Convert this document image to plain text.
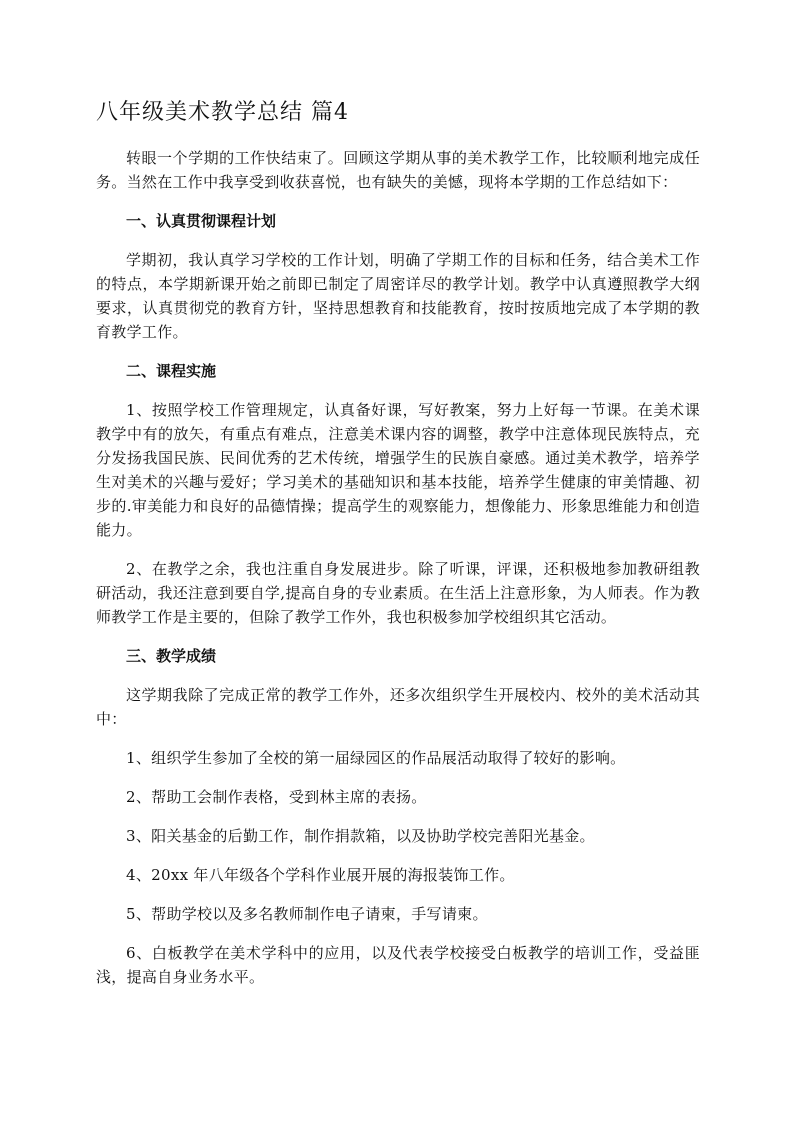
八年级美术教学总结 篇4

转眼一个学期的工作快结束了。回顾这学期从事的美术教学工作，比较顺利地完成任务。当然在工作中我享受到收获喜悦，也有缺失的美憾，现将本学期的工作总结如下：

一、认真贯彻课程计划

学期初，我认真学习学校的工作计划，明确了学期工作的目标和任务，结合美术工作的特点，本学期新课开始之前即已制定了周密详尽的教学计划。教学中认真遵照教学大纲要求，认真贯彻党的教育方针，坚持思想教育和技能教育，按时按质地完成了本学期的教育教学工作。

二、课程实施

1、按照学校工作管理规定，认真备好课，写好教案，努力上好每一节课。在美术课教学中有的放矢，有重点有难点，注意美术课内容的调整，教学中注意体现民族特点，充分发扬我国民族、民间优秀的艺术传统，增强学生的民族自豪感。通过美术教学，培养学生对美术的兴趣与爱好；学习美术的基础知识和基本技能，培养学生健康的审美情趣、初步的.审美能力和良好的品德情操；提高学生的观察能力，想像能力、形象思维能力和创造能力。

2、在教学之余，我也注重自身发展进步。除了听课，评课，还积极地参加教研组教研活动，我还注意到要自学,提高自身的专业素质。在生活上注意形象，为人师表。作为教师教学工作是主要的，但除了教学工作外，我也积极参加学校组织其它活动。

三、教学成绩

这学期我除了完成正常的教学工作外，还多次组织学生开展校内、校外的美术活动其中：

1、组织学生参加了全校的第一届绿园区的作品展活动取得了较好的影响。

2、帮助工会制作表格，受到林主席的表扬。

3、阳关基金的后勤工作，制作捐款箱，以及协助学校完善阳光基金。

4、20xx 年八年级各个学科作业展开展的海报装饰工作。

5、帮助学校以及多名教师制作电子请柬，手写请柬。

6、白板教学在美术学科中的应用，以及代表学校接受白板教学的培训工作，受益匪浅，提高自身业务水平。
